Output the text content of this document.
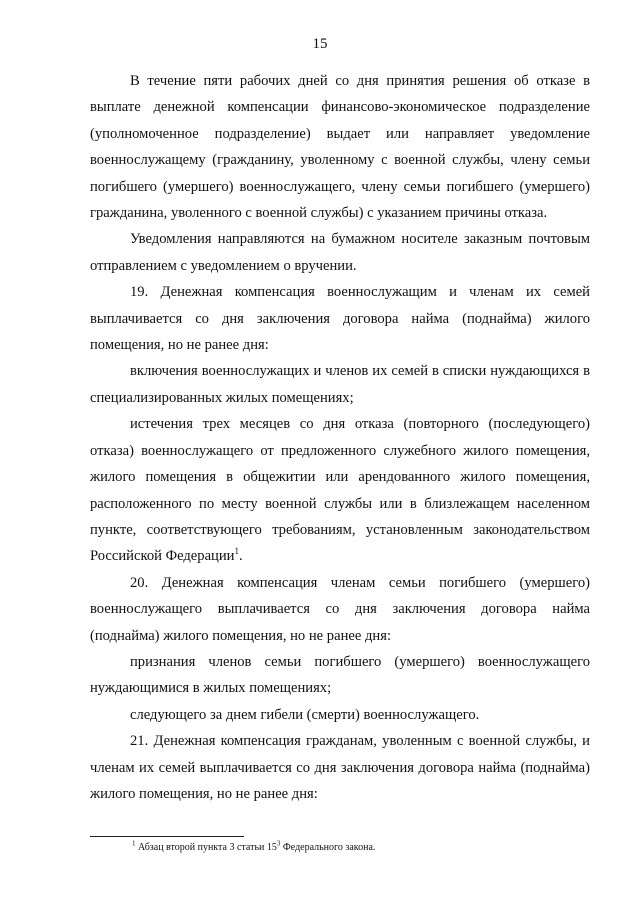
15

В течение пяти рабочих дней со дня принятия решения об отказе в выплате денежной компенсации финансово-экономическое подразделение (уполномоченное подразделение) выдает или направляет уведомление военнослужащему (гражданину, уволенному с военной службы, члену семьи погибшего (умершего) военнослужащего, члену семьи погибшего (умершего) гражданина, уволенного с военной службы) с указанием причины отказа.

Уведомления направляются на бумажном носителе заказным почтовым отправлением с уведомлением о вручении.

19. Денежная компенсация военнослужащим и членам их семей выплачивается со дня заключения договора найма (поднайма) жилого помещения, но не ранее дня:

включения военнослужащих и членов их семей в списки нуждающихся в специализированных жилых помещениях;

истечения трех месяцев со дня отказа (повторного (последующего) отказа) военнослужащего от предложенного служебного жилого помещения, жилого помещения в общежитии или арендованного жилого помещения, расположенного по месту военной службы или в близлежащем населенном пункте, соответствующего требованиям, установленным законодательством Российской Федерации$^1$.

20. Денежная компенсация членам семьи погибшего (умершего) военнослужащего выплачивается со дня заключения договора найма (поднайма) жилого помещения, но не ранее дня:

признания членов семьи погибшего (умершего) военнослужащего нуждающимися в жилых помещениях;

следующего за днем гибели (смерти) военнослужащего.

21. Денежная компенсация гражданам, уволенным с военной службы, и членам их семей выплачивается со дня заключения договора найма (поднайма) жилого помещения, но не ранее дня:

$^1$ Абзац второй пункта 3 статьи $15^3$ Федерального закона.
